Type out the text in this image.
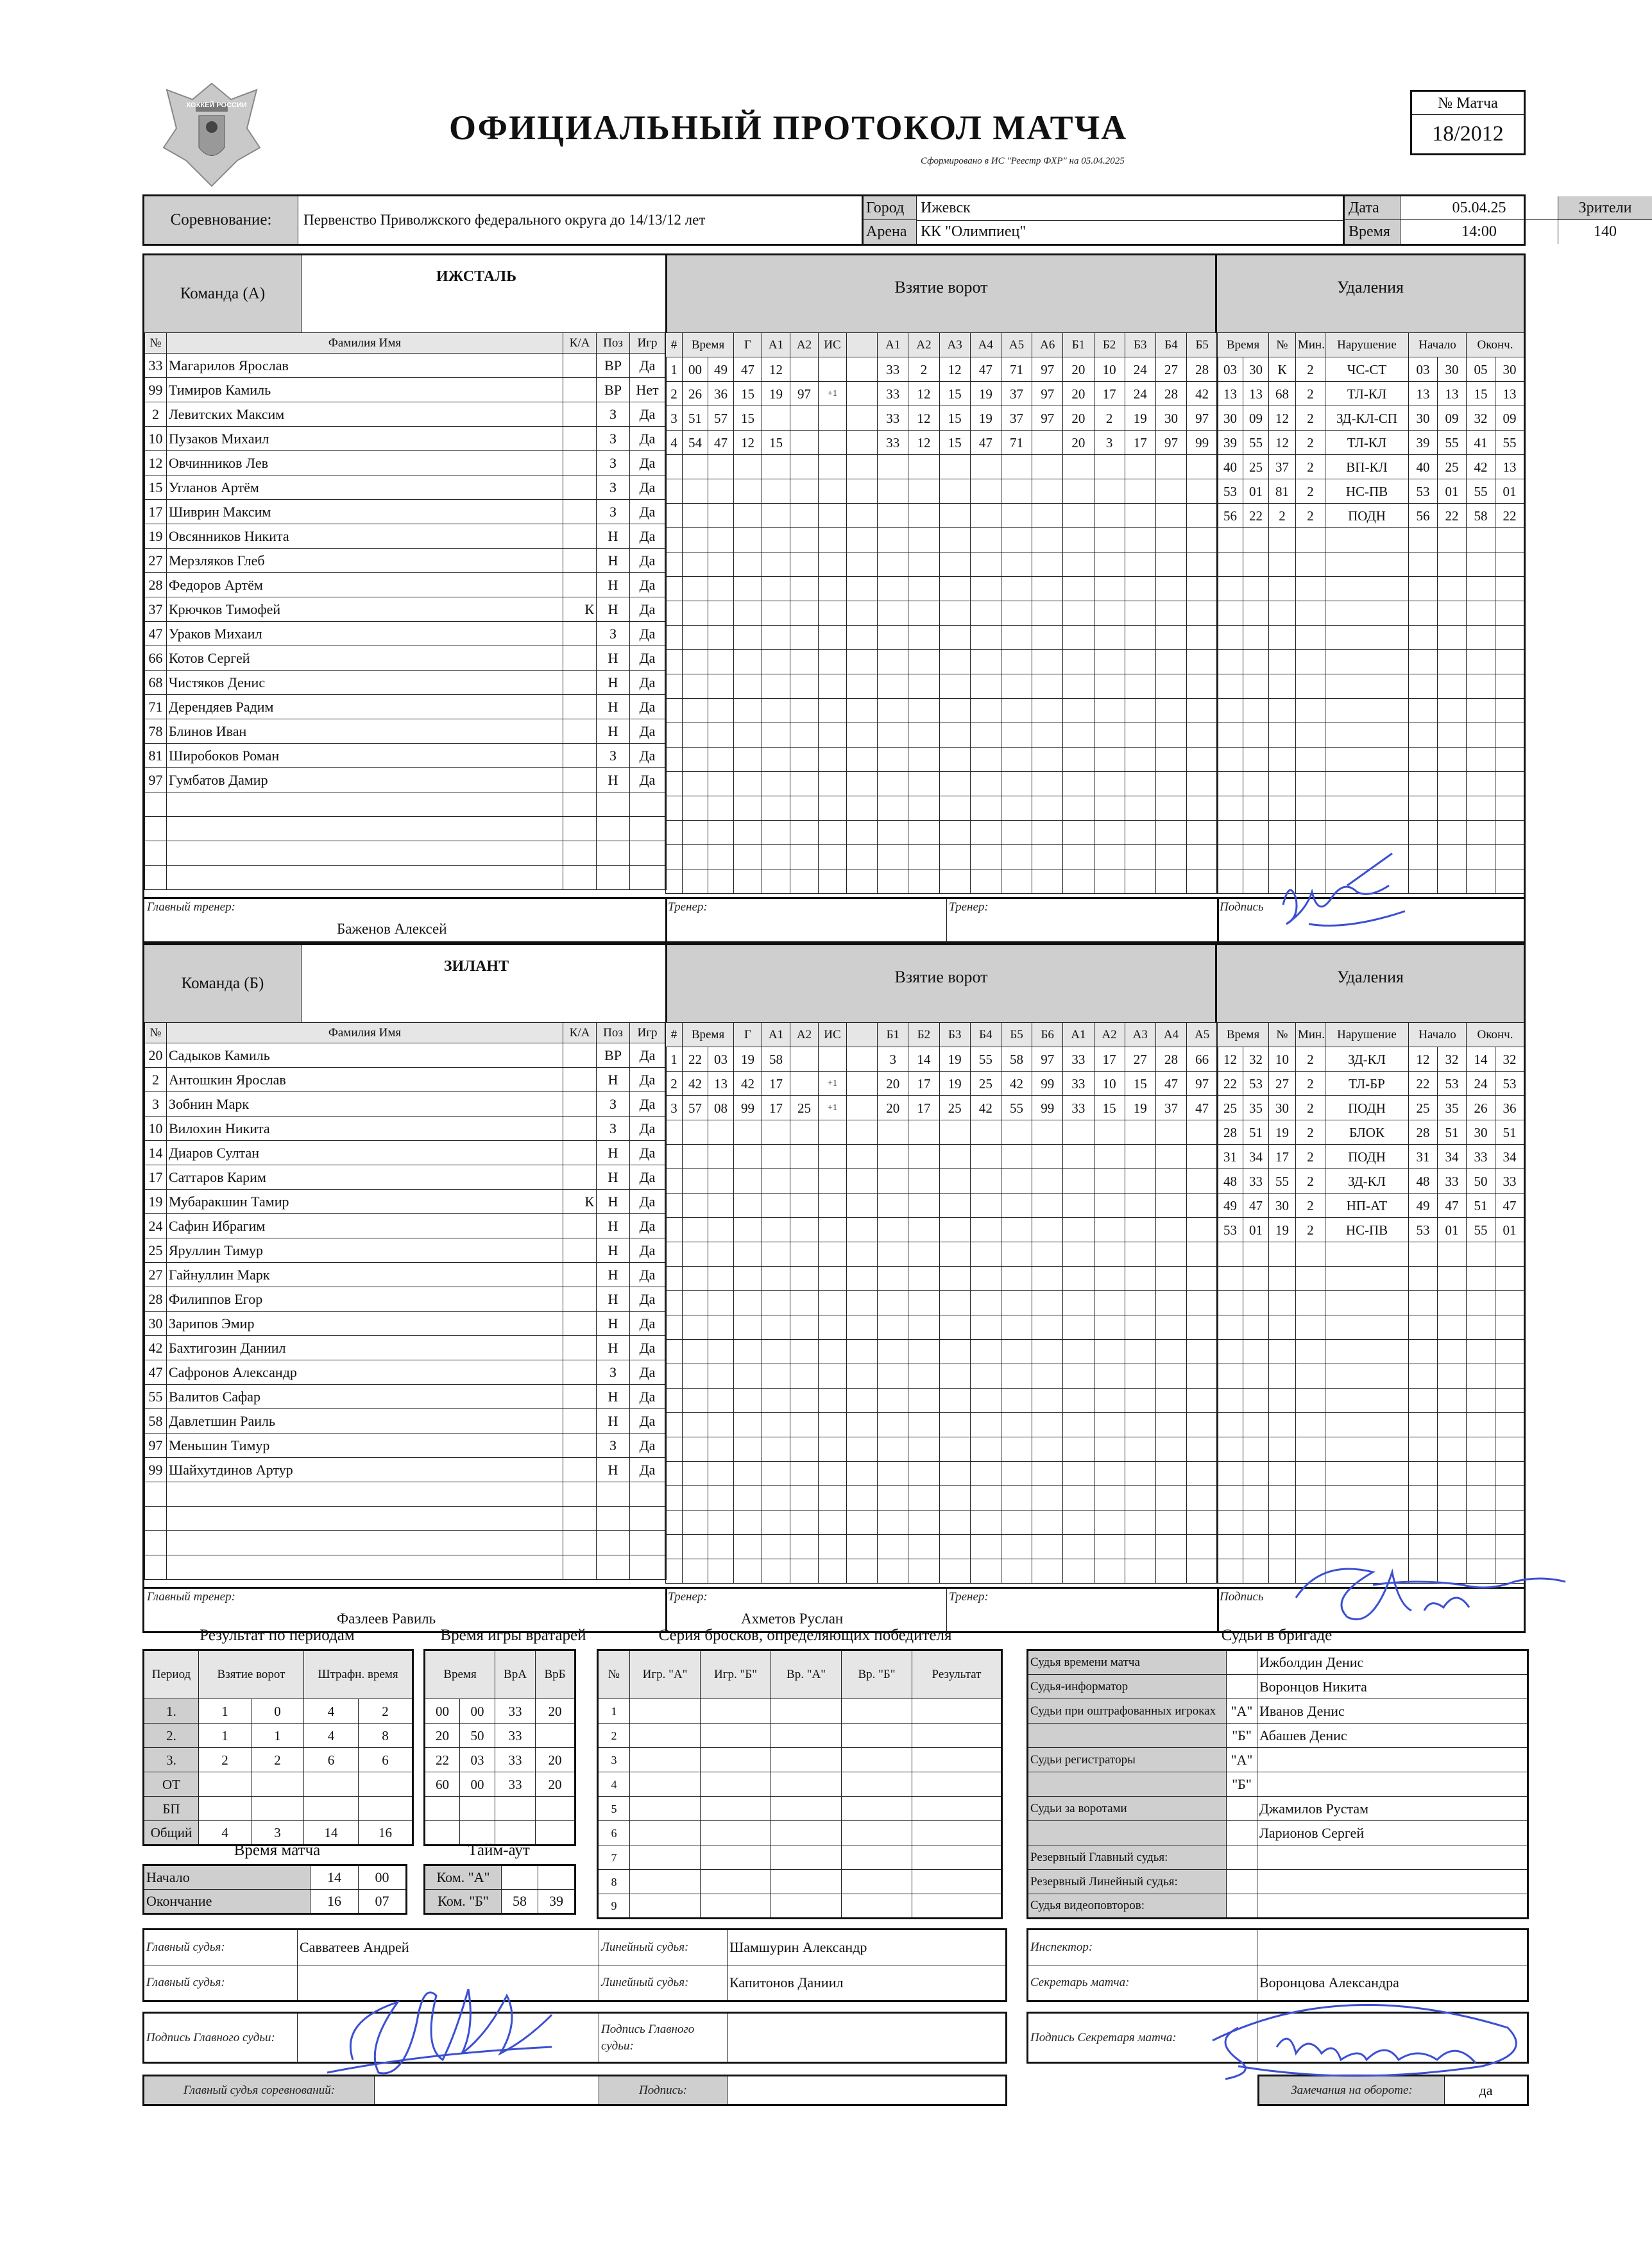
ХОККЕЙ РОССИИ
ОФИЦИАЛЬНЫЙ ПРОТОКОЛ МАТЧА
Сформировано в ИС "Реестр ФХР" на 05.04.2025
№ Матча
18/2012
Соревнование:	Первенство Приволжского федерального округа до 14/13/12 лет
Город	Ижевск
Арена КК "Олимпиец"
Дата	05.04.25
Время	14:00
Зрители
140
Команда (А)
ИЖСТАЛЬ
Взятие ворот	Удаления
№	Фамилия Имя	К/А	Поз	Игр
33	Магарилов Ярослав		ВР	Да
99	Тимиров Камиль		ВР	Нет
2	Левитских Максим		З	Да
10	Пузаков Михаил		З	Да
12	Овчинников Лев		З	Да
15	Угланов Артём		З	Да
17	Шиврин Максим		З	Да
19	Овсянников Никита		Н	Да
27	Мерзляков Глеб		Н	Да
28	Федоров Артём		Н	Да
37	Крючков Тимофей	К	Н	Да
47	Ураков Михаил		З	Да
66	Котов Сергей		Н	Да
68	Чистяков Денис		Н	Да
71	Дерендяев Радим		Н	Да
78	Блинов Иван		Н	Да
81	Широбоков Роман		З	Да
97	Гумбатов Дамир		Н	Да

#	Время		Г	А1	А2	ИС		А1	А2	А3	А4	А5	А6	Б1	Б2	Б3	Б4	Б5	
1	00	49	47	12				33	2	12	47	71	97	20	10	24	27	28	
2	26	36	15	19	97	+1		33	12	15	19	37	97	20	17	24	28	42	
3	51	57	15					33	12	15	19	37	97	20	2	19	30	97	
4	54	47	12	15				33	12	15	47	71		20	3	17	97	99	

Время		№	Мин.	Нарушение	Начало		Оконч.	
03	30	К	2	ЧС-СТ	03	30	05	30
13	13	68	2	ТЛ-КЛ	13	13	15	13
30	09	12	2	ЗД-КЛ-СП	30	09	32	09
39	55	12	2	ТЛ-КЛ	39	55	41	55
40	25	37	2	ВП-КЛ	40	25	42	13
53	01	81	2	НС-ПВ	53	01	55	01
56	22	2	2	ПОДН	56	22	58	22

Главный тренер:
Баженов Алексей
Тренер:	Тренер:	Подпись
Команда (Б)
ЗИЛАНТ
Взятие ворот	Удаления
№	Фамилия Имя	К/А	Поз	Игр
20	Садыков Камиль		ВР	Да
2	Антошкин Ярослав		Н	Да
3	Зобнин Марк		З	Да
10	Вилохин Никита		З	Да
14	Диаров Султан		Н	Да
17	Саттаров Карим		Н	Да
19	Мубаракшин Тамир	К	Н	Да
24	Сафин Ибрагим		Н	Да
25	Яруллин Тимур		Н	Да
27	Гайнуллин Марк		Н	Да
28	Филиппов Егор		Н	Да
30	Зарипов Эмир		Н	Да
42	Бахтигозин Даниил		Н	Да
47	Сафронов Александр		З	Да
55	Валитов Сафар		Н	Да
58	Давлетшин Раиль		Н	Да
97	Меньшин Тимур		З	Да
99	Шайхутдинов Артур		Н	Да

#	Время		Г	А1	А2	ИС		Б1	Б2	Б3	Б4	Б5	Б6	А1	А2	А3	А4	А5	
1	22	03	19	58				3	14	19	55	58	97	33	17	27	28	66	
2	42	13	42	17		+1		20	17	19	25	42	99	33	10	15	47	97	
3	57	08	99	17	25	+1		20	17	25	42	55	99	33	15	19	37	47	

Время		№	Мин.	Нарушение	Начало		Оконч.	
12	32	10	2	ЗД-КЛ	12	32	14	32
22	53	27	2	ТЛ-БР	22	53	24	53
25	35	30	2	ПОДН	25	35	26	36
28	51	19	2	БЛОК	28	51	30	51
31	34	17	2	ПОДН	31	34	33	34
48	33	55	2	ЗД-КЛ	48	33	50	33
49	47	30	2	НП-АТ	49	47	51	47
53	01	19	2	НС-ПВ	53	01	55	01

Главный тренер:
Фазлеев Равиль
Тренер:
Ахметов Руслан
Тренер:	Подпись
Результат по периодам
Период	Взятие ворот		Штрафн. время	

1.	1	0	4	2
2.	1	1	4	8
3.	2	2	6	6
ОТ				
БП				
Общий	4	3	14	16
Время игры вратарей
Время		ВрА	ВрБ
00	00	33	20
20	50	33	
22	03	33	20
60	00	33	20

Серия бросков, определяющих победителя
№	Игр. "А"	Игр. "Б"	Вр. "А"	Вр. "Б"	Результат
1					
2					
3					
4					
5					
6					
7					
8					
9					
Время матча
Начало	14	00
Окончание	16	07
Тайм-аут
Ком. "А"		
Ком. "Б"	58	39
Судьи в бригаде
Судья времени матча		Ижболдин Денис
Судья-информатор		Воронцов Никита
Судьи при оштрафованных игроках	"А"	Иванов Денис
	"Б"	Абашев Денис
Судьи регистраторы	"А"	
	"Б"	
Судьи за воротами		Джамилов Рустам
		Ларионов Сергей
Резервный Главный судья:		
Резервный Линейный судья:		
Судья видеоповторов:		
Главный судья:	Савватеев Андрей	Линейный судья:	Шамшурин Александр
Главный судья:		Линейный судья:	Капитонов Даниил
Инспектор:	
Секретарь матча:	Воронцова Александра
Подпись Главного судьи:		Подпись Главного судьи:	
Подпись Секретаря матча:	
Главный судья соревнований:		Подпись:		Замечания на обороте:	да
